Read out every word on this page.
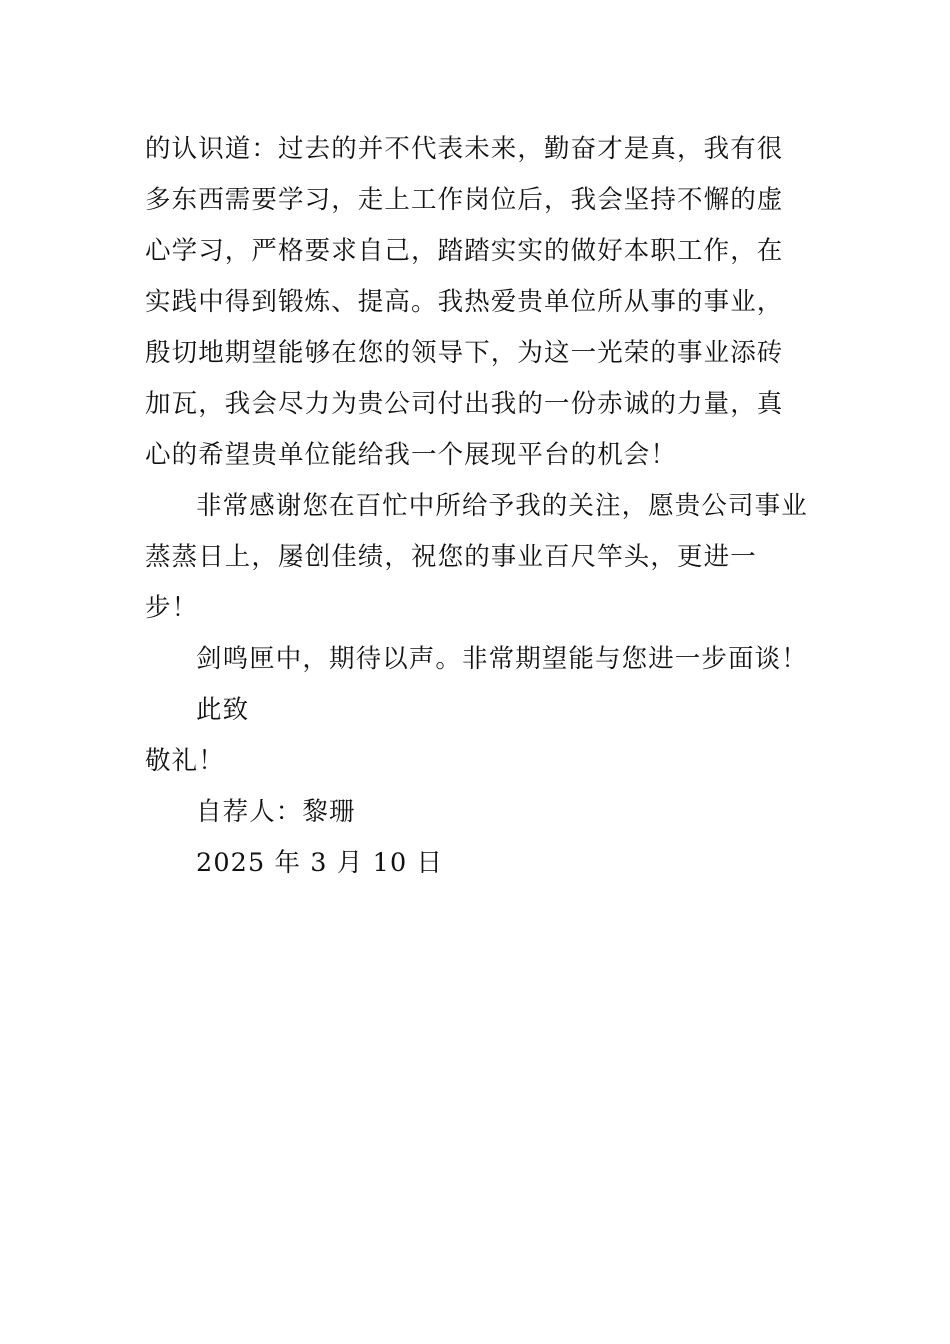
的认识道：过去的并不代表未来，勤奋才是真，我有很多东西需要学习，走上工作岗位后，我会坚持不懈的虚心学习，严格要求自己，踏踏实实的做好本职工作，在实践中得到锻炼、提高。我热爱贵单位所从事的事业，殷切地期望能够在您的领导下，为这一光荣的事业添砖加瓦，我会尽力为贵公司付出我的一份赤诚的力量，真心的希望贵单位能给我一个展现平台的机会！

非常感谢您在百忙中所给予我的关注，愿贵公司事业蒸蒸日上，屡创佳绩，祝您的事业百尺竿头，更进一步！

剑鸣匣中，期待以声。非常期望能与您进一步面谈！

此致

敬礼！

自荐人：黎珊

2025 年 3 月 10 日
